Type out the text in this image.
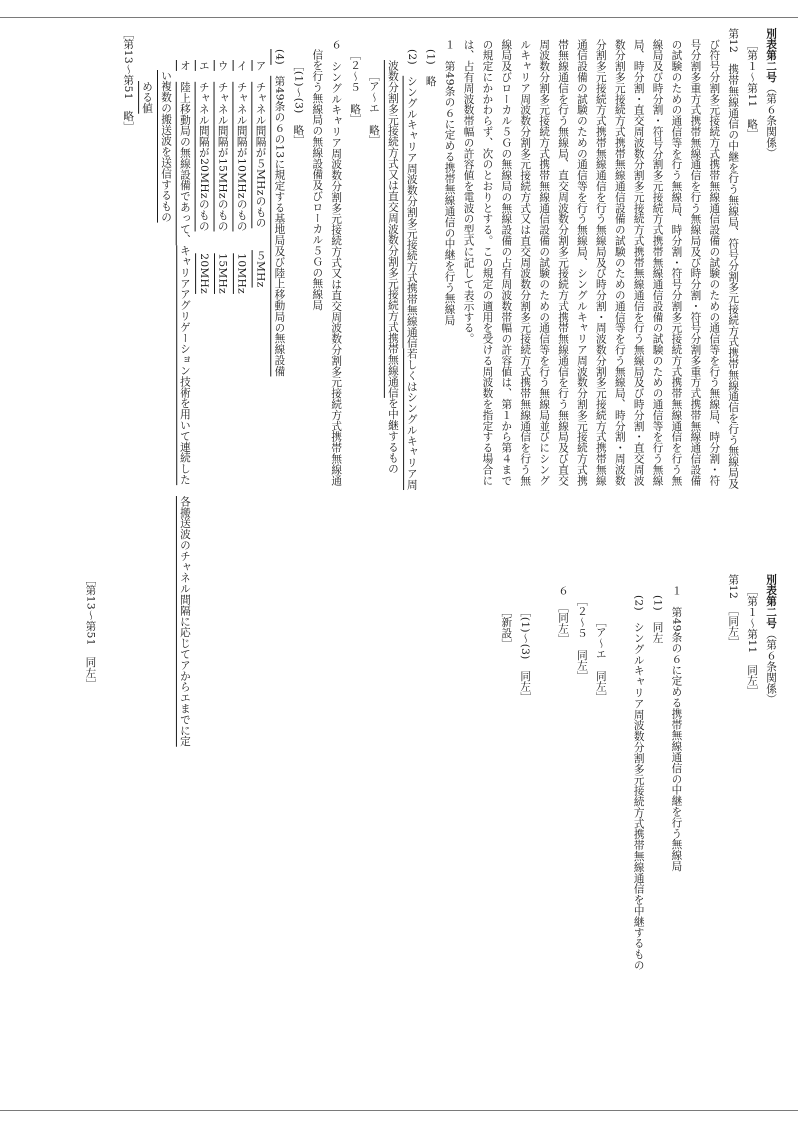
別表第二号（第６条関係）
［第１～第11　略］
第12　携帯無線通信の中継を行う無線局、符号分割多元接続方式携帯無線通信を行う無線局及
び符号分割多元接続方式携帯無線通信設備の試験のための通信等を行う無線局、時分割・符
号分割多重方式携帯無線通信を行う無線局及び時分割・符号分割多重方式携帯無線通信設備
の試験のための通信等を行う無線局、時分割・符号分割多元接続方式携帯無線通信を行う無
線局及び時分割・符号分割多元接続方式携帯無線通信設備の試験のための通信等を行う無線
局、時分割・直交周波数分割多元接続方式携帯無線通信を行う無線局及び時分割・直交周波
数分割多元接続方式携帯無線通信設備の試験のための通信等を行う無線局、時分割・周波数
分割多元接続方式携帯無線通信を行う無線局及び時分割・周波数分割多元接続方式携帯無線
通信設備の試験のための通信等を行う無線局、シングルキャリア周波数分割多元接続方式携
帯無線通信を行う無線局、直交周波数分割多元接続方式携帯無線通信を行う無線局及び直交
周波数分割多元接続方式携帯無線通信設備の試験のための通信等を行う無線局並びにシング
ルキャリア周波数分割多元接続方式又は直交周波数分割多元接続方式携帯無線通信を行う無
線局及びローカル５Ｇの無線局の無線設備の占有周波数帯幅の許容値は、第１から第４まで
の規定にかかわらず、次のとおりとする。この規定の適用を受ける周波数を指定する場合に
は、占有周波数帯幅の許容値を電波の型式に記して表示する。
１　第49条の６に定める携帯無線通信の中継を行う無線局
(1)　略
(2)　シングルキャリア周波数分割多元接続方式携帯無線通信若しくはシングルキャリア周
波数分割多元接続方式又は直交周波数分割多元接続方式携帯無線通信を中継するもの
［ア～エ　略］
［２～５　略］
６　シングルキャリア周波数分割多元接続方式又は直交周波数分割多元接続方式携帯無線通
信を行う無線局の無線設備及びローカル５Ｇの無線局
［(1)～(3)　略］
(4)　第49条の６の13に規定する基地局及び陸上移動局の無線設備
ア　チャネル間隔が５MHzのもの　　５MHz
イ　チャネル間隔が10MHzのもの　　10MHz
ウ　チャネル間隔が15MHzのもの　　15MHz
エ　チャネル間隔が20MHzのもの　　20MHz
オ　陸上移動局の無線設備であって、キャリアアグリゲーション技術を用いて連続した　各搬送波のチャネル間隔に応じてアからエまでに定
い複数の搬送波を送信するもの
める値
［第13～第51　略］
別表第二号（第６条関係）
［第１～第11　同左］
第12　［同左］
１　第49条の６に定める携帯無線通信の中継を行う無線局
(1)　同左
(2)　シングルキャリア周波数分割多元接続方式携帯無線通信を中継するもの
［ア～エ　同左］
［２～５　同左］
６　［同左］
［(1)～(3)　同左］
［新設］
［第13～第51　同左］
